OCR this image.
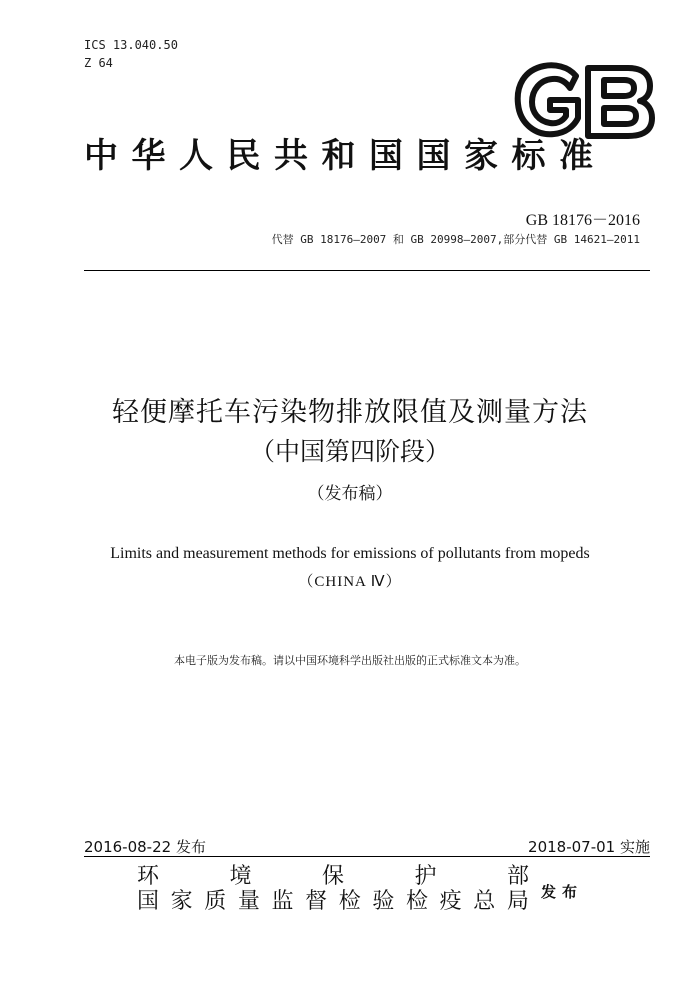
ICS 13.040.50
Z 64
中华人民共和国国家标准
GB 18176－2016
代替 GB 18176—2007 和 GB 20998—2007,部分代替 GB 14621—2011
轻便摩托车污染物排放限值及测量方法
（中国第四阶段）
（发布稿）
Limits and measurement methods for emissions of pollutants from mopeds
（CHINA Ⅳ）
本电子版为发布稿。请以中国环境科学出版社出版的正式标准文本为准。
2016-08-22 发布	2018-07-01 实施
环	境	保	护	部
国 家 质 量 监 督 检 验 检 疫 总 局 发布
